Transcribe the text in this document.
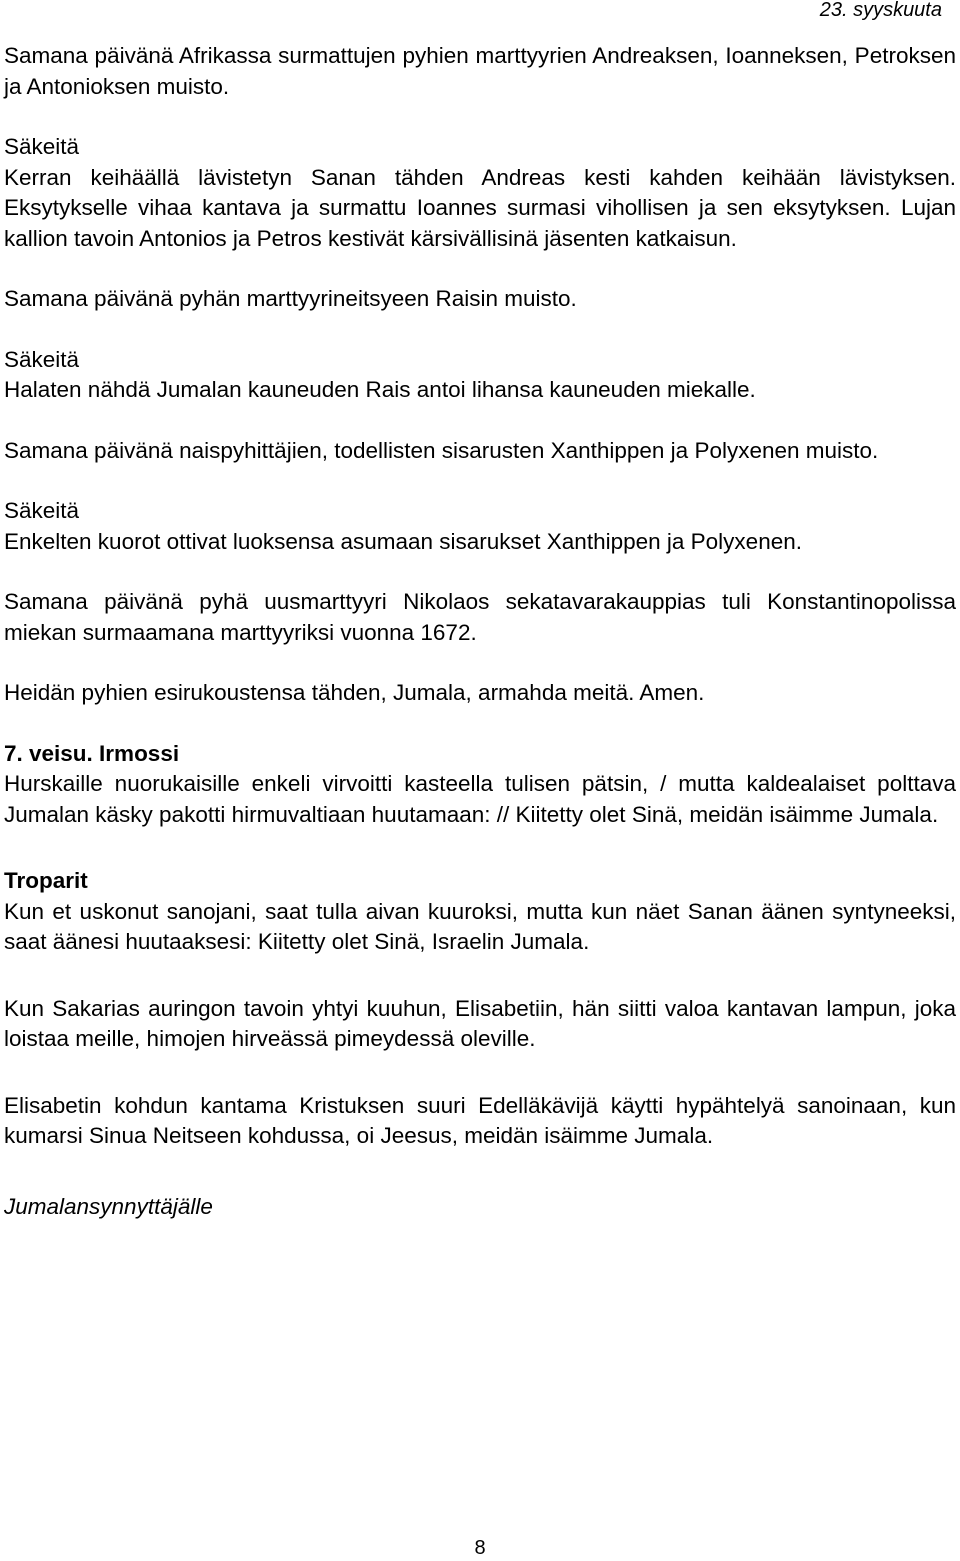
23. syyskuuta

Samana päivänä Afrikassa surmattujen pyhien marttyyrien Andreaksen, Ioanneksen, Petroksen ja Antonioksen muisto.

Säkeitä

Kerran keihäällä lävistetyn Sanan tähden Andreas kesti kahden keihään lävistyksen. Eksytykselle vihaa kantava ja surmattu Ioannes surmasi vihollisen ja sen eksytyksen. Lujan kallion tavoin Antonios ja Petros kestivät kärsivällisinä jäsenten katkaisun.

Samana päivänä pyhän marttyyrineitsyeen Raisin muisto.

Säkeitä

Halaten nähdä Jumalan kauneuden Rais antoi lihansa kauneuden miekalle.

Samana päivänä naispyhittäjien, todellisten sisarusten Xanthippen ja Polyxenen muisto.

Säkeitä

Enkelten kuorot ottivat luoksensa asumaan sisarukset Xanthippen ja Polyxenen.

Samana päivänä pyhä uusmarttyyri Nikolaos sekatavarakauppias tuli Konstantinopolissa miekan surmaamana marttyyriksi vuonna 1672.

Heidän pyhien esirukoustensa tähden, Jumala, armahda meitä. Amen.

7. veisu. Irmossi

Hurskaille nuorukaisille enkeli virvoitti kasteella tulisen pätsin, / mutta kaldealaiset polttava Jumalan käsky pakotti hirmuvaltiaan huutamaan: // Kiitetty olet Sinä, meidän isäimme Jumala.

Troparit

Kun et uskonut sanojani, saat tulla aivan kuuroksi, mutta kun näet Sanan äänen syntyneeksi, saat äänesi huutaaksesi: Kiitetty olet Sinä, Israelin Jumala.

Kun Sakarias auringon tavoin yhtyi kuuhun, Elisabetiin, hän siitti valoa kantavan lampun, joka loistaa meille, himojen hirveässä pimeydessä oleville.

Elisabetin kohdun kantama Kristuksen suuri Edelläkävijä käytti hypähtelyä sanoinaan, kun kumarsi Sinua Neitseen kohdussa, oi Jeesus, meidän isäimme Jumala.

Jumalansynnyttäjälle

8
